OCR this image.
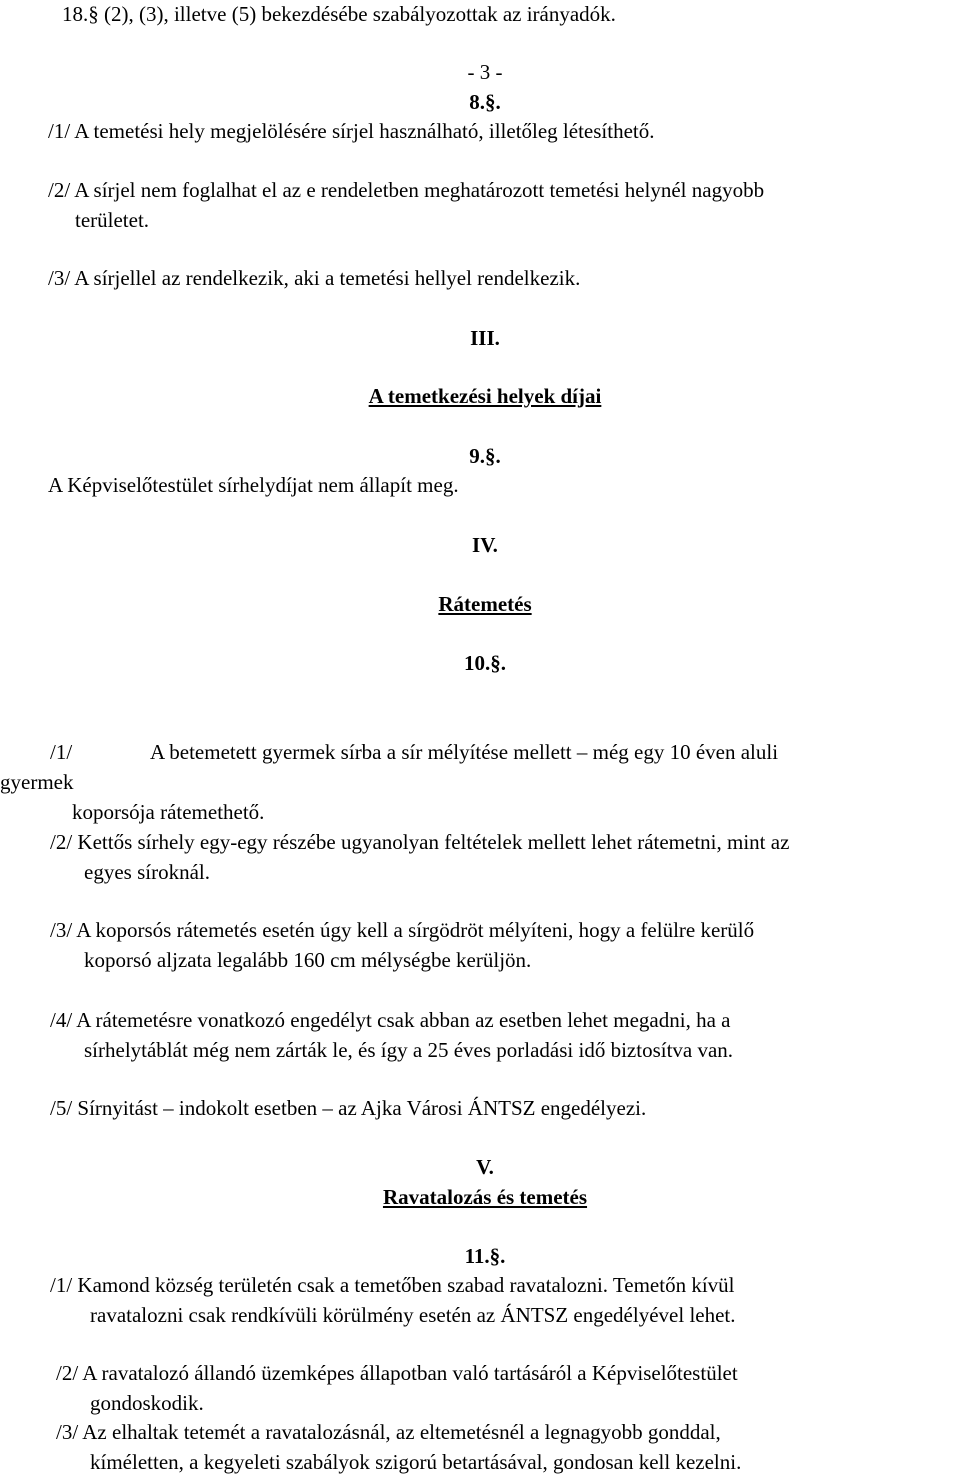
18.§ (2), (3), illetve (5) bekezdésébe szabályozottak az irányadók.
- 3 -
8.§.
/1/ A temetési hely megjelölésére sírjel használható, illetőleg létesíthető.
/2/ A sírjel nem foglalhat el az e rendeletben meghatározott temetési helynél nagyobb
területet.
/3/ A sírjellel az rendelkezik, aki a temetési hellyel rendelkezik.
III.
A temetkezési helyek díjai
9.§.
A Képviselőtestület sírhelydíjat nem állapít meg.
IV.
Rátemetés
10.§.
/1/	A betemetett gyermek sírba a sír mélyítése mellett – még egy 10 éven aluli
gyermek
koporsója rátemethető.
/2/ Kettős sírhely egy-egy részébe ugyanolyan feltételek mellett lehet rátemetni, mint az
egyes síroknál.
/3/ A koporsós rátemetés esetén úgy kell a sírgödröt mélyíteni, hogy a felülre kerülő
koporsó aljzata legalább 160 cm mélységbe kerüljön.
/4/ A rátemetésre vonatkozó engedélyt csak abban az esetben lehet megadni, ha a
sírhelytáblát még nem zárták le, és így a 25 éves porladási idő biztosítva van.
/5/ Sírnyitást – indokolt esetben – az Ajka Városi ÁNTSZ engedélyezi.
V.
Ravatalozás és temetés
11.§.
/1/ Kamond község területén csak a temetőben szabad ravatalozni. Temetőn kívül
ravatalozni csak rendkívüli körülmény esetén az ÁNTSZ engedélyével lehet.
/2/ A ravatalozó állandó üzemképes állapotban való tartásáról a Képviselőtestület
gondoskodik.
/3/ Az elhaltak tetemét a ravatalozásnál, az eltemetésnél a legnagyobb gonddal,
kíméletten, a kegyeleti szabályok szigorú betartásával, gondosan kell kezelni.
